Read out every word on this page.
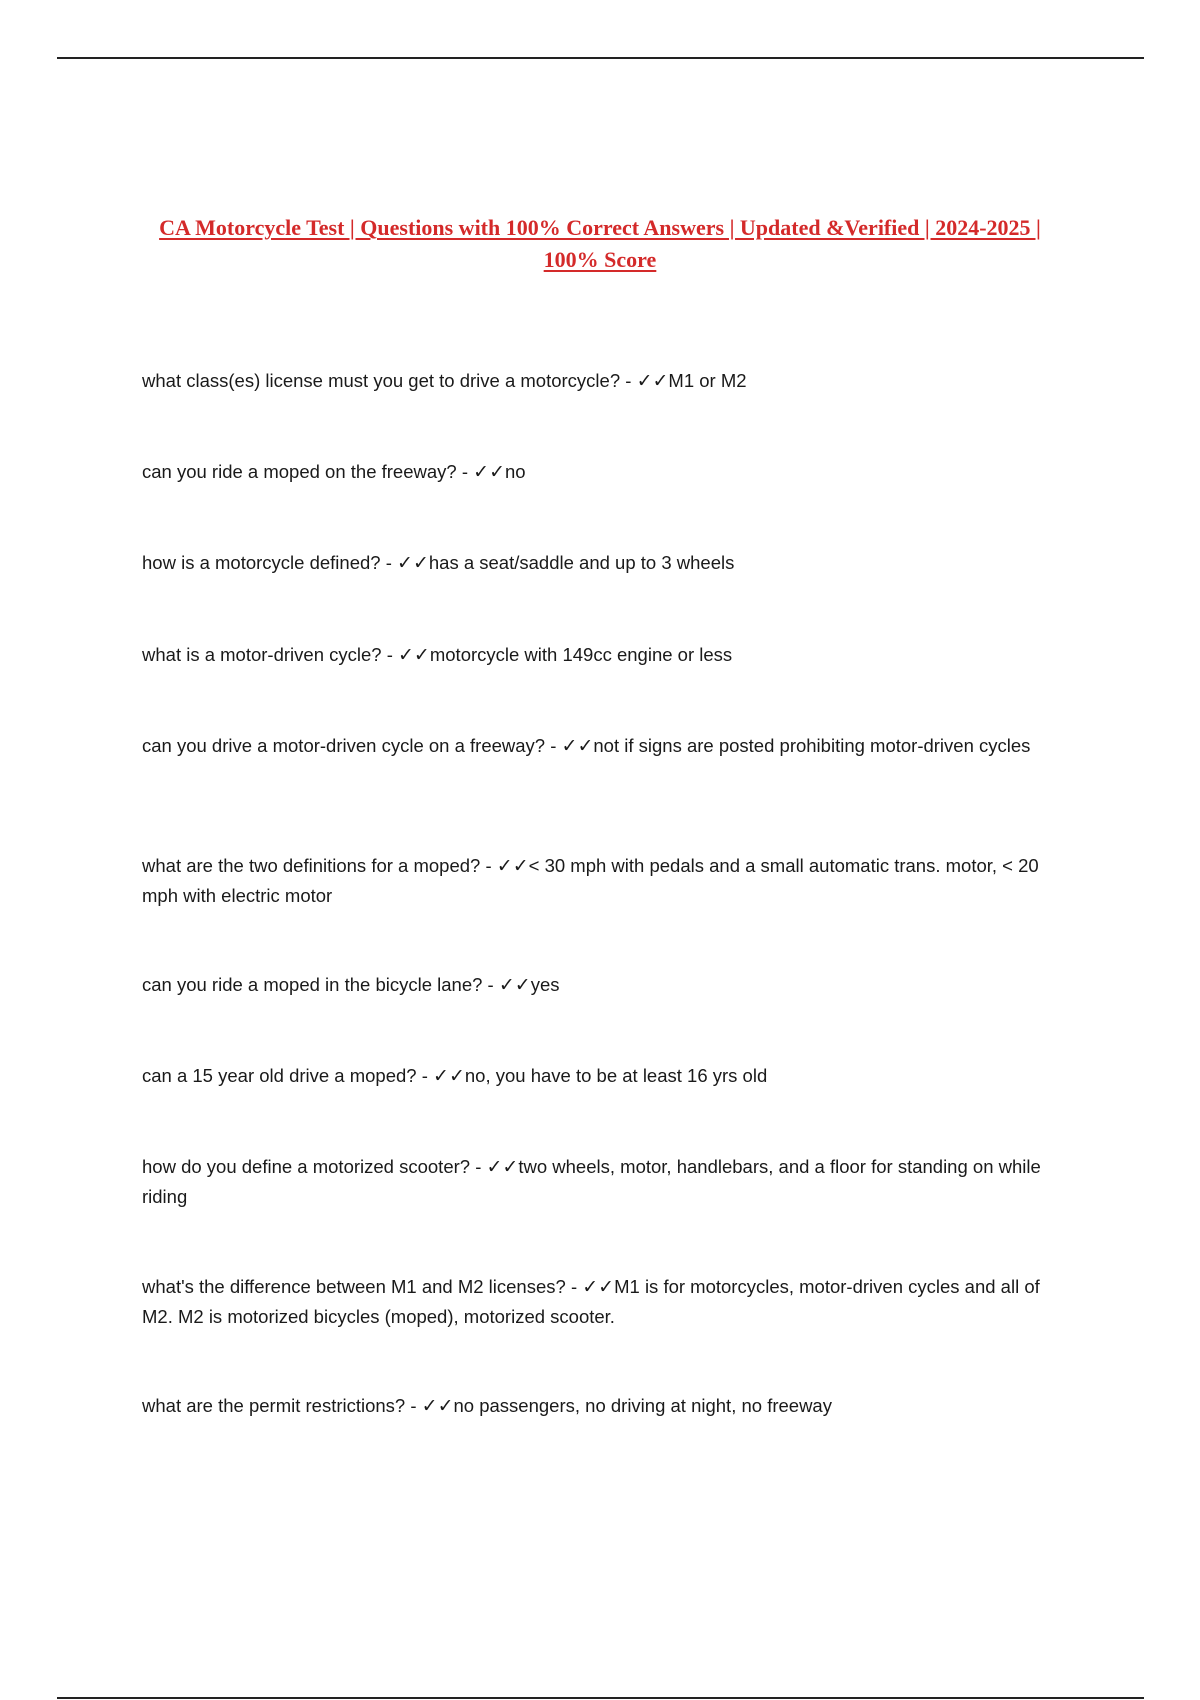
CA Motorcycle Test | Questions with 100% Correct Answers | Updated &Verified | 2024-2025 | 100% Score

what class(es) license must you get to drive a motorcycle? - ✓✓M1 or M2

can you ride a moped on the freeway? - ✓✓no

how is a motorcycle defined? - ✓✓has a seat/saddle and up to 3 wheels

what is a motor-driven cycle? - ✓✓motorcycle with 149cc engine or less

can you drive a motor-driven cycle on a freeway? - ✓✓not if signs are posted prohibiting motor-driven cycles

what are the two definitions for a moped? - ✓✓< 30 mph with pedals and a small automatic trans. motor, < 20 mph with electric motor

can you ride a moped in the bicycle lane? - ✓✓yes

can a 15 year old drive a moped? - ✓✓no, you have to be at least 16 yrs old

how do you define a motorized scooter? - ✓✓two wheels, motor, handlebars, and a floor for standing on while riding

what's the difference between M1 and M2 licenses? - ✓✓M1 is for motorcycles, motor-driven cycles and all of M2. M2 is motorized bicycles (moped), motorized scooter.

what are the permit restrictions? - ✓✓no passengers, no driving at night, no freeway
